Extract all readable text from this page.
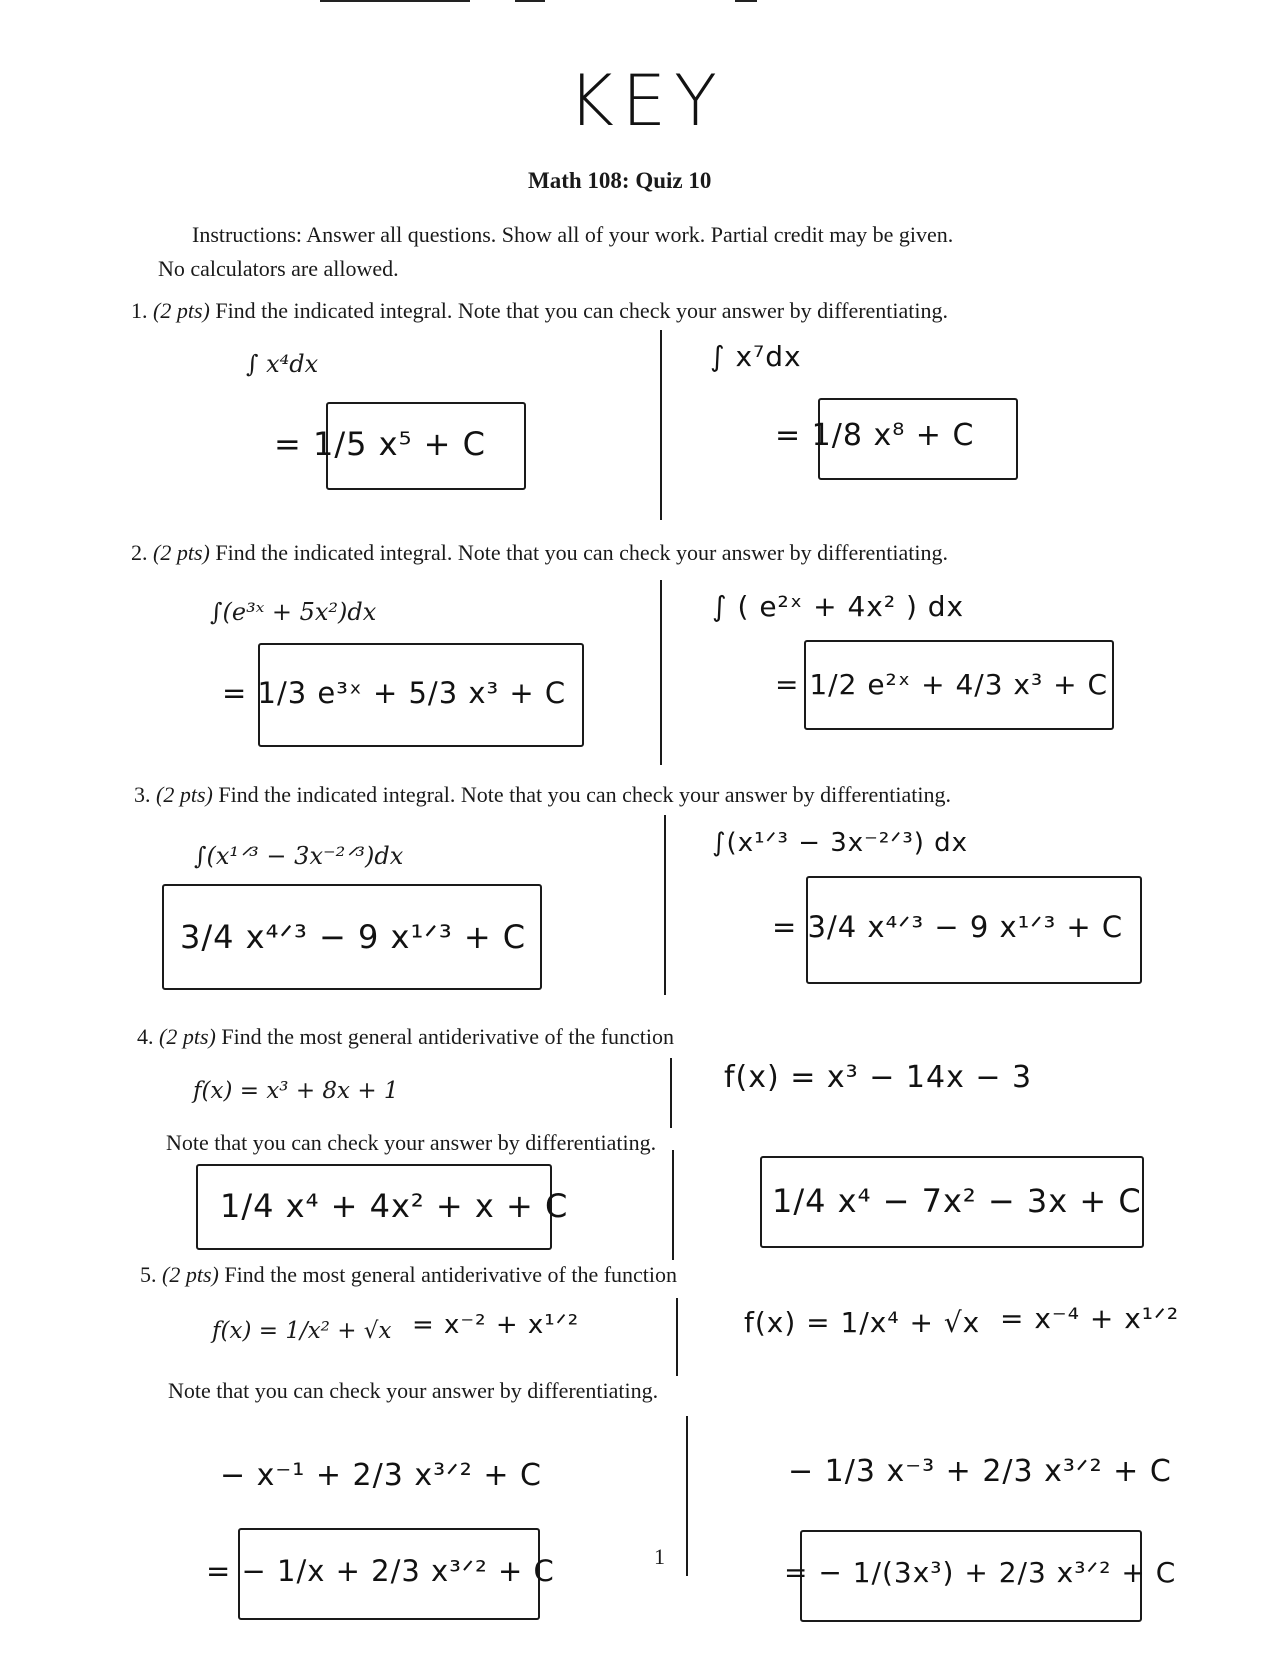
KEY
Math 108: Quiz 10
Instructions: Answer all questions. Show all of your work. Partial credit may be given.
No calculators are allowed.
1. (2 pts) Find the indicated integral. Note that you can check your answer by differentiating.
∫ x⁴dx
= 1/5 x⁵ + C
∫ x⁷dx
= 1/8 x⁸ + C
2. (2 pts) Find the indicated integral. Note that you can check your answer by differentiating.
∫(e³ˣ + 5x²)dx
= 1/3 e³ˣ + 5/3 x³ + C
∫ ( e²ˣ + 4x² ) dx
= 1/2 e²ˣ + 4/3 x³ + C
3. (2 pts) Find the indicated integral. Note that you can check your answer by differentiating.
∫(x¹ᐟ³ − 3x⁻²ᐟ³)dx
3/4 x⁴ᐟ³ − 9 x¹ᐟ³ + C
∫(x¹ᐟ³ − 3x⁻²ᐟ³) dx
= 3/4 x⁴ᐟ³ − 9 x¹ᐟ³ + C
4. (2 pts) Find the most general antiderivative of the function
f(x) = x³ + 8x + 1	f(x) = x³ − 14x − 3
Note that you can check your answer by differentiating.
1/4 x⁴ + 4x² + x + C	1/4 x⁴ − 7x² − 3x + C
5. (2 pts) Find the most general antiderivative of the function
f(x) = 1/x² + √x = x⁻² + x¹ᐟ²	f(x) = 1/x⁴ + √x = x⁻⁴ + x¹ᐟ²
Note that you can check your answer by differentiating.
− x⁻¹ + 2/3 x³ᐟ² + C	− 1/3 x⁻³ + 2/3 x³ᐟ² + C
= − 1/x + 2/3 x³ᐟ² + C	= − 1/(3x³) + 2/3 x³ᐟ² + C
1
